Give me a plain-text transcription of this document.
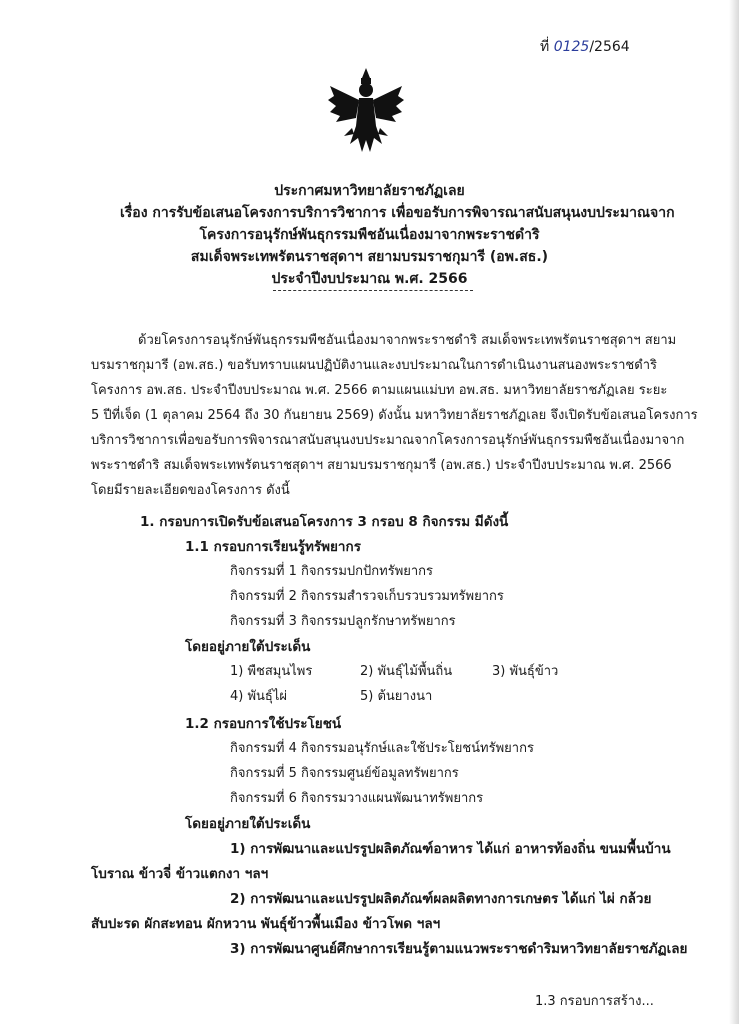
ที่ 0125/2564
ประกาศมหาวิทยาลัยราชภัฏเลย
เรื่อง การรับข้อเสนอโครงการบริการวิชาการ เพื่อขอรับการพิจารณาสนับสนุนงบประมาณจาก
โครงการอนุรักษ์พันธุกรรมพืชอันเนื่องมาจากพระราชดำริ
สมเด็จพระเทพรัตนราชสุดาฯ สยามบรมราชกุมารี (อพ.สธ.)
ประจำปีงบประมาณ พ.ศ. 2566
ด้วยโครงการอนุรักษ์พันธุกรรมพืชอันเนื่องมาจากพระราชดำริ สมเด็จพระเทพรัตนราชสุดาฯ สยาม
บรมราชกุมารี (อพ.สธ.) ขอรับทราบแผนปฏิบัติงานและงบประมาณในการดำเนินงานสนองพระราชดำริ
โครงการ อพ.สธ. ประจำปีงบประมาณ พ.ศ. 2566 ตามแผนแม่บท อพ.สธ. มหาวิทยาลัยราชภัฏเลย ระยะ
5 ปีที่เจ็ด (1 ตุลาคม 2564 ถึง 30 กันยายน 2569) ดังนั้น มหาวิทยาลัยราชภัฏเลย จึงเปิดรับข้อเสนอโครงการ
บริการวิชาการเพื่อขอรับการพิจารณาสนับสนุนงบประมาณจากโครงการอนุรักษ์พันธุกรรมพืชอันเนื่องมาจาก
พระราชดำริ สมเด็จพระเทพรัตนราชสุดาฯ สยามบรมราชกุมารี (อพ.สธ.) ประจำปีงบประมาณ พ.ศ. 2566
โดยมีรายละเอียดของโครงการ ดังนี้
1. กรอบการเปิดรับข้อเสนอโครงการ 3 กรอบ 8 กิจกรรม มีดังนี้
1.1 กรอบการเรียนรู้ทรัพยากร
กิจกรรมที่ 1 กิจกรรมปกปักทรัพยากร
กิจกรรมที่ 2 กิจกรรมสำรวจเก็บรวบรวมทรัพยากร
กิจกรรมที่ 3 กิจกรรมปลูกรักษาทรัพยากร
โดยอยู่ภายใต้ประเด็น
1) พืชสมุนไพร	2) พันธุ์ไม้พื้นถิ่น	3) พันธุ์ข้าว
4) พันธุ์ไผ่	5) ต้นยางนา
1.2 กรอบการใช้ประโยชน์
กิจกรรมที่ 4 กิจกรรมอนุรักษ์และใช้ประโยชน์ทรัพยากร
กิจกรรมที่ 5 กิจกรรมศูนย์ข้อมูลทรัพยากร
กิจกรรมที่ 6 กิจกรรมวางแผนพัฒนาทรัพยากร
โดยอยู่ภายใต้ประเด็น
1) การพัฒนาและแปรรูปผลิตภัณฑ์อาหาร ได้แก่ อาหารท้องถิ่น ขนมพื้นบ้าน
โบราณ ข้าวจี่ ข้าวแตกงา ฯลฯ
2) การพัฒนาและแปรรูปผลิตภัณฑ์ผลผลิตทางการเกษตร ได้แก่ ไผ่ กล้วย
สับปะรด ผักสะทอน ผักหวาน พันธุ์ข้าวพื้นเมือง ข้าวโพด ฯลฯ
3) การพัฒนาศูนย์ศึกษาการเรียนรู้ตามแนวพระราชดำริมหาวิทยาลัยราชภัฏเลย
1.3 กรอบการสร้าง...
